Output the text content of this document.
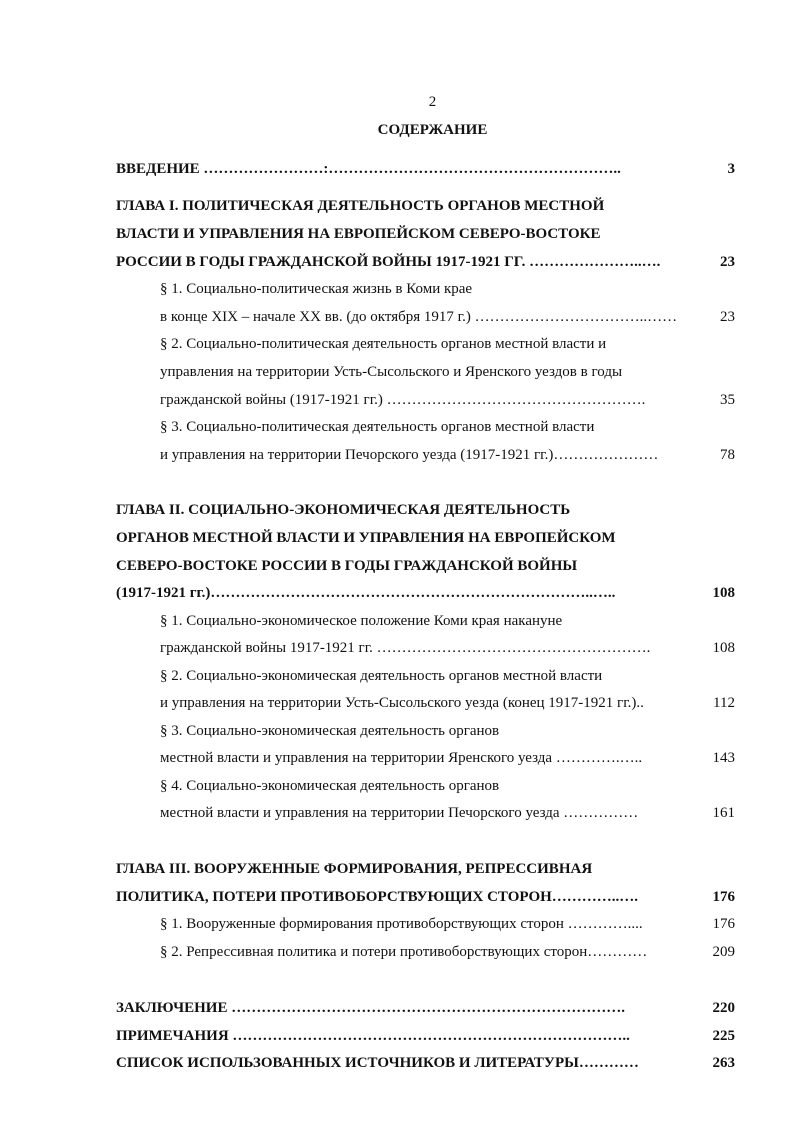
2
СОДЕРЖАНИЕ
ВВЕДЕНИЕ ……………………:…………………………………………………..	3
ГЛАВА I. ПОЛИТИЧЕСКАЯ ДЕЯТЕЛЬНОСТЬ ОРГАНОВ МЕСТНОЙ
ВЛАСТИ И УПРАВЛЕНИЯ НА ЕВРОПЕЙСКОМ СЕВЕРО-ВОСТОКЕ
РОССИИ В ГОДЫ ГРАЖДАНСКОЙ ВОЙНЫ 1917-1921 ГГ. …………………..….	23
§ 1. Социально-политическая жизнь в Коми крае
в конце XIX – начале XX вв. (до октября 1917 г.) ……………………………..……	23
§ 2. Социально-политическая деятельность органов местной власти и
управления на территории Усть-Сысольского и Яренского уездов в годы
гражданской войны (1917-1921 гг.) …………………………………………….	35
§ 3. Социально-политическая деятельность органов местной власти
и управления на территории Печорского уезда (1917-1921 гг.)…………………	78
ГЛАВА II. СОЦИАЛЬНО-ЭКОНОМИЧЕСКАЯ ДЕЯТЕЛЬНОСТЬ
ОРГАНОВ МЕСТНОЙ ВЛАСТИ И УПРАВЛЕНИЯ НА ЕВРОПЕЙСКОМ
СЕВЕРО-ВОСТОКЕ РОССИИ В ГОДЫ ГРАЖДАНСКОЙ ВОЙНЫ
(1917-1921 гг.)…………………………………………………………………..…..	108
§ 1. Социально-экономическое положение Коми края накануне
гражданской войны 1917-1921 гг. ……………………………………………….	108
§ 2. Социально-экономическая деятельность органов местной власти
и управления на территории Усть-Сысольского уезда (конец 1917-1921 гг.)..	112
§ 3. Социально-экономическая деятельность органов
местной власти и управления на территории Яренского уезда ………….…..	143
§ 4. Социально-экономическая деятельность органов
местной власти и управления на территории Печорского уезда ……………	161
ГЛАВА III. ВООРУЖЕННЫЕ ФОРМИРОВАНИЯ, РЕПРЕССИВНАЯ
ПОЛИТИКА, ПОТЕРИ ПРОТИВОБОРСТВУЮЩИХ СТОРОН…………..….	176
§ 1. Вооруженные формирования противоборствующих сторон …………....	176
§ 2. Репрессивная политика и потери противоборствующих сторон…………	209
ЗАКЛЮЧЕНИЕ …………………………………………………………………….	220
ПРИМЕЧАНИЯ ……………………………………………………………………..	225
СПИСОК ИСПОЛЬЗОВАННЫХ ИСТОЧНИКОВ И ЛИТЕРАТУРЫ…………	263
